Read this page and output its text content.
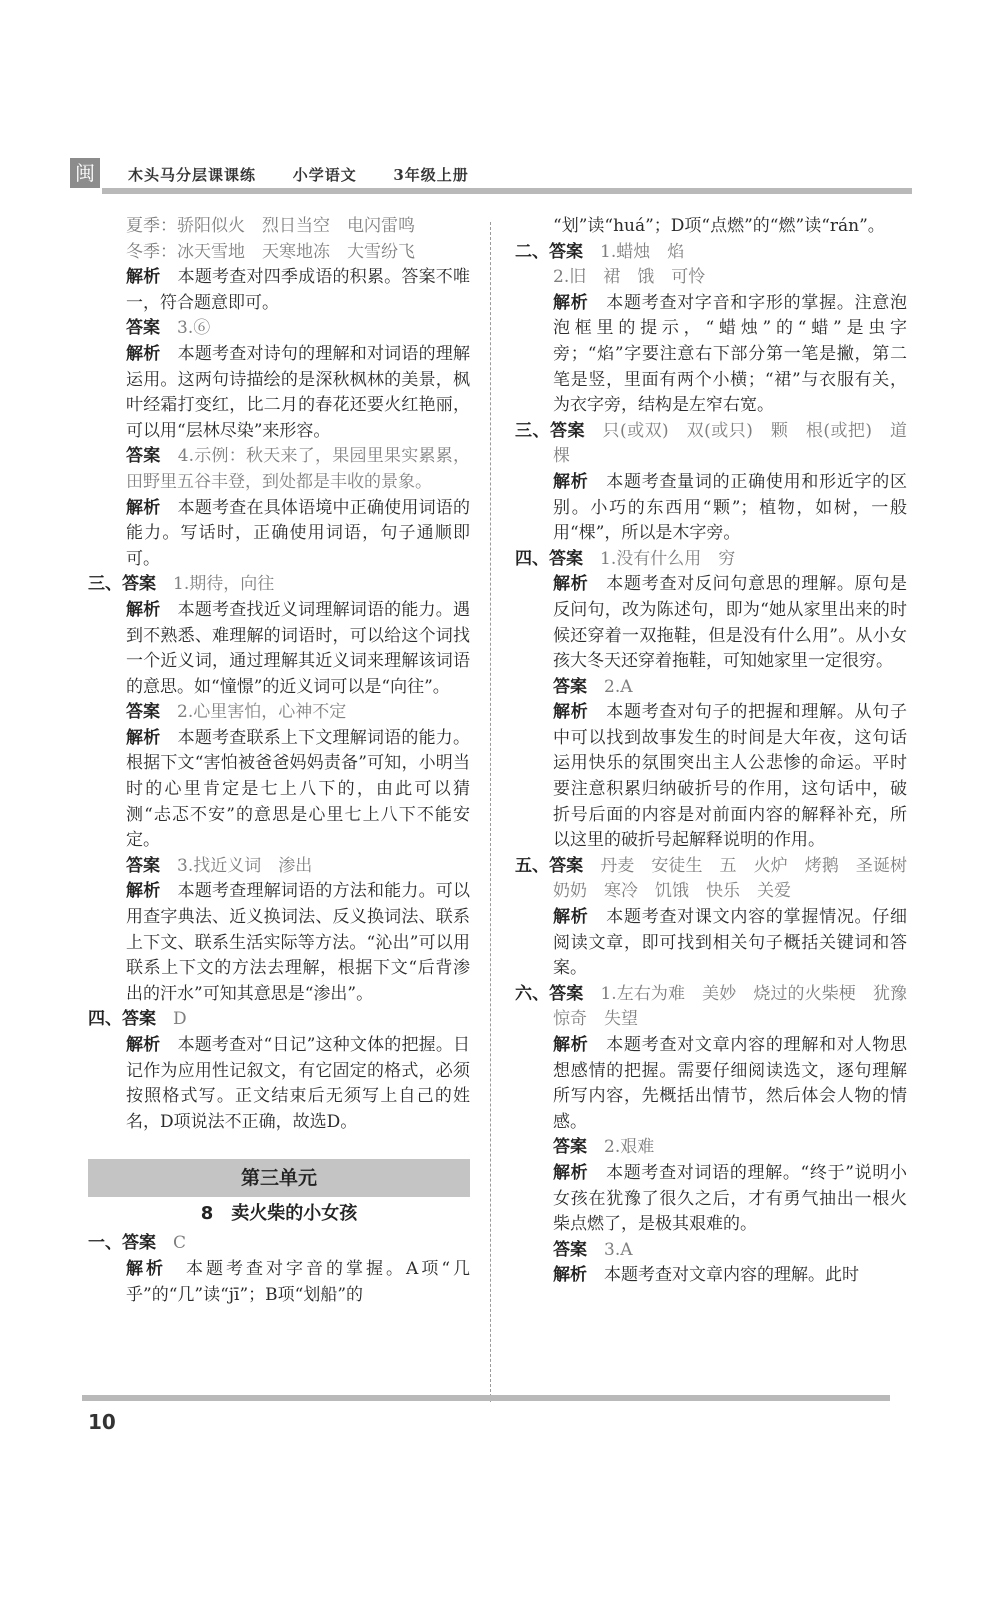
闽	木头马分层课课练 小学语文 3年级上册

夏季：骄阳似火　烈日当空　电闪雷鸣

冬季：冰天雪地　天寒地冻　大雪纷飞

解析　 本题考查对四季成语的积累。答案不唯一，符合题意即可。

答案　 3.⑥

解析　 本题考查对诗句的理解和对词语的理解运用。这两句诗描绘的是深秋枫林的美景，枫叶经霜打变红，比二月的春花还要火红艳丽，可以用“层林尽染”来形容。

答案　 4.示例：秋天来了，果园里果实累累，田野里五谷丰登，到处都是丰收的景象。

解析　 本题考查在具体语境中正确使用词语的能力。写话时，正确使用词语，句子通顺即可。

三、答案　 1.期待，向往

解析　 本题考查找近义词理解词语的能力。遇到不熟悉、难理解的词语时，可以给这个词找一个近义词，通过理解其近义词来理解该词语的意思。如“憧憬”的近义词可以是“向往”。

答案　 2.心里害怕，心神不定

解析　 本题考查联系上下文理解词语的能力。根据下文“害怕被爸爸妈妈责备”可知，小明当时的心里肯定是七上八下的，由此可以猜测“忐忑不安”的意思是心里七上八下不能安定。

答案　 3.找近义词　渗出

解析　 本题考查理解词语的方法和能力。可以用查字典法、近义换词法、反义换词法、联系上下文、联系生活实际等方法。“沁出”可以用联系上下文的方法去理解，根据下文“后背渗出的汗水”可知其意思是“渗出”。

四、答案　 D

解析　 本题考查对“日记”这种文体的把握。日记作为应用性记叙文，有它固定的格式，必须按照格式写。正文结束后无须写上自己的姓名，D项说法不正确，故选D。

第三单元
8　卖火柴的小女孩

一、答案　 C

解析　 本题考查对字音的掌握。A项“几乎”的“几”读“jī”；B项“划船”的

“划”读“huá”；D项“点燃”的“燃”读“rán”。

二、答案　 1.蜡烛　焰

2.旧　裙　饿　可怜

解析　 本题考查对字音和字形的掌握。注意泡泡框里的提示，“蜡烛”的“蜡”是虫字旁；“焰”字要注意右下部分第一笔是撇，第二笔是竖，里面有两个小横；“裙”与衣服有关，为衣字旁，结构是左窄右宽。

三、答案　 只(或双)　双(或只)　颗　根(或把)　道　棵

解析　 本题考查量词的正确使用和形近字的区别。小巧的东西用“颗”；植物，如树，一般用“棵”，所以是木字旁。

四、答案　 1.没有什么用　穷

解析　 本题考查对反问句意思的理解。原句是反问句，改为陈述句，即为“她从家里出来的时候还穿着一双拖鞋，但是没有什么用”。从小女孩大冬天还穿着拖鞋，可知她家里一定很穷。

答案　 2.A

解析　 本题考查对句子的把握和理解。从句子中可以找到故事发生的时间是大年夜，这句话运用快乐的氛围突出主人公悲惨的命运。平时要注意积累归纳破折号的作用，这句话中，破折号后面的内容是对前面内容的解释补充，所以这里的破折号起解释说明的作用。

五、答案　 丹麦　安徒生　五　火炉　烤鹅　圣诞树　奶奶　寒冷　饥饿　快乐　关爱

解析　 本题考查对课文内容的掌握情况。仔细阅读文章，即可找到相关句子概括关键词和答案。

六、答案　 1.左右为难　美妙　烧过的火柴梗　犹豫　惊奇　失望

解析　 本题考查对文章内容的理解和对人物思想感情的把握。需要仔细阅读选文，逐句理解所写内容，先概括出情节，然后体会人物的情感。

答案　 2.艰难

解析　 本题考查对词语的理解。“终于”说明小女孩在犹豫了很久之后，才有勇气抽出一根火柴点燃了，是极其艰难的。

答案　 3.A

解析　 本题考查对文章内容的理解。此时

10
